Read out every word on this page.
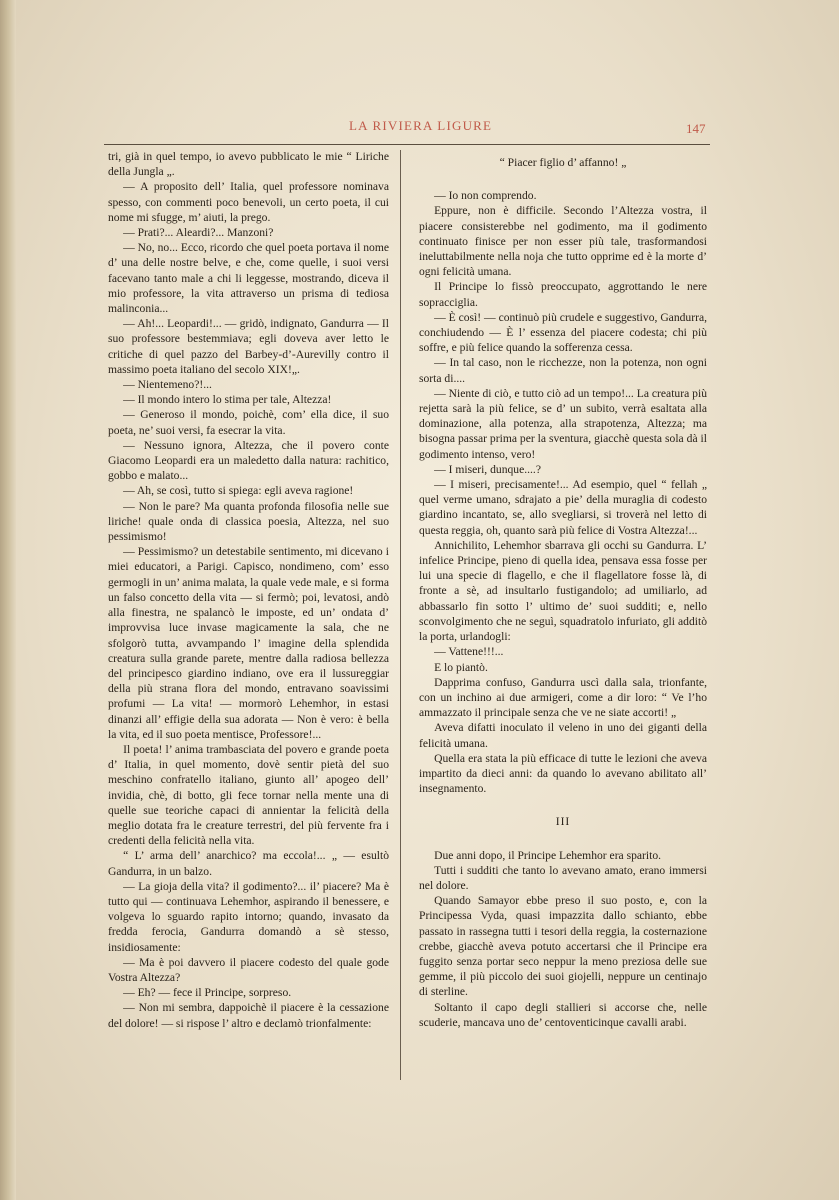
LA RIVIERA LIGURE	147

tri, già in quel tempo, io avevo pubblicato le mie “ Liriche della Jungla „.

— A proposito dell’ Italia, quel professore nominava spesso, con commenti poco benevoli, un certo poeta, il cui nome mi sfugge, m’ aiuti, la prego.

— Prati?... Aleardi?... Manzoni?

— No, no... Ecco, ricordo che quel poeta portava il nome d’ una delle nostre belve, e che, come quelle, i suoi versi facevano tanto male a chi li leggesse, mostrando, diceva il mio professore, la vita attraverso un prisma di tediosa malinconia...

— Ah!... Leopardi!... — gridò, indignato, Gandurra — Il suo professore bestemmiava; egli doveva aver letto le critiche di quel pazzo del Barbey-d’-Aurevilly contro il massimo poeta italiano del secolo XIX!„.

— Nientemeno?!...

— Il mondo intero lo stima per tale, Altezza!

— Generoso il mondo, poichè, com’ ella dice, il suo poeta, ne’ suoi versi, fa esecrar la vita.

— Nessuno ignora, Altezza, che il povero conte Giacomo Leopardi era un maledetto dalla natura: rachitico, gobbo e malato...

— Ah, se così, tutto si spiega: egli aveva ragione!

— Non le pare? Ma quanta profonda filosofia nelle sue liriche! quale onda di classica poesia, Altezza, nel suo pessimismo!

— Pessimismo? un detestabile sentimento, mi dicevano i miei educatori, a Parigi. Capisco, nondimeno, com’ esso germogli in un’ anima malata, la quale vede male, e si forma un falso concetto della vita — si fermò; poi, levatosi, andò alla finestra, ne spalancò le imposte, ed un’ ondata d’ improvvisa luce invase magicamente la sala, che ne sfolgorò tutta, avvampando l’ imagine della splendida creatura sulla grande parete, mentre dalla radiosa bellezza del principesco giardino indiano, ove era il lussureggiar della più strana flora del mondo, entravano soavissimi profumi — La vita! — mormorò Lehemhor, in estasi dinanzi all’ effigie della sua adorata — Non è vero: è bella la vita, ed il suo poeta mentisce, Professore!...

Il poeta! l’ anima trambasciata del povero e grande poeta d’ Italia, in quel momento, dovè sentir pietà del suo meschino confratello italiano, giunto all’ apogeo dell’ invidia, chè, di botto, gli fece tornar nella mente una di quelle sue teoriche capaci di annientar la felicità della meglio dotata fra le creature terrestri, del più fervente fra i credenti della felicità nella vita.

“ L’ arma dell’ anarchico? ma eccola!... „ — esultò Gandurra, in un balzo.

— La gioja della vita? il godimento?... il’ piacere? Ma è tutto qui — continuava Lehemhor, aspirando il benessere, e volgeva lo sguardo rapito intorno; quando, invasato da fredda ferocia, Gandurra domandò a sè stesso, insidiosamente:

— Ma è poi davvero il piacere codesto del quale gode Vostra Altezza?

— Eh? — fece il Principe, sorpreso.

— Non mi sembra, dappoichè il piacere è la cessazione del dolore! — si rispose l’ altro e declamò trionfalmente:

“ Piacer figlio d’ affanno! „

— Io non comprendo.

Eppure, non è difficile. Secondo l’Altezza vostra, il piacere consisterebbe nel godimento, ma il godimento continuato finisce per non esser più tale, trasformandosi ineluttabilmente nella noja che tutto opprime ed è la morte d’ ogni felicità umana.

Il Principe lo fissò preoccupato, aggrottando le nere sopracciglia.

— È così! — continuò più crudele e suggestivo, Gandurra, conchiudendo — È l’ essenza del piacere codesta; chi più soffre, e più felice quando la sofferenza cessa.

— In tal caso, non le ricchezze, non la potenza, non ogni sorta di....

— Niente di ciò, e tutto ciò ad un tempo!... La creatura più rejetta sarà la più felice, se d’ un subito, verrà esaltata alla dominazione, alla potenza, alla strapotenza, Altezza; ma bisogna passar prima per la sventura, giacchè questa sola dà il godimento intenso, vero!

— I miseri, dunque....?

— I miseri, precisamente!... Ad esempio, quel “ fellah „ quel verme umano, sdrajato a pie’ della muraglia di codesto giardino incantato, se, allo svegliarsi, si troverà nel letto di questa reggia, oh, quanto sarà più felice di Vostra Altezza!...

Annichilito, Lehemhor sbarrava gli occhi su Gandurra. L’ infelice Principe, pieno di quella idea, pensava essa fosse per lui una specie di flagello, e che il flagellatore fosse là, di fronte a sè, ad insultarlo fustigandolo; ad umiliarlo, ad abbassarlo fin sotto l’ ultimo de’ suoi sudditi; e, nello sconvolgimento che ne seguì, squadratolo infuriato, gli additò la porta, urlandogli:

— Vattene!!!...

E lo piantò.

Dapprima confuso, Gandurra uscì dalla sala, trionfante, con un inchino ai due armigeri, come a dir loro: “ Ve l’ho ammazzato il principale senza che ve ne siate accorti! „

Aveva difatti inoculato il veleno in uno dei giganti della felicità umana.

Quella era stata la più efficace di tutte le lezioni che aveva impartito da dieci anni: da quando lo avevano abilitato all’ insegnamento.

III

Due anni dopo, il Principe Lehemhor era sparito.

Tutti i sudditi che tanto lo avevano amato, erano immersi nel dolore.

Quando Samayor ebbe preso il suo posto, e, con la Principessa Vyda, quasi impazzita dallo schianto, ebbe passato in rassegna tutti i tesori della reggia, la costernazione crebbe, giacchè aveva potuto accertarsi che il Principe era fuggito senza portar seco neppur la meno preziosa delle sue gemme, il più piccolo dei suoi giojelli, neppure un centinajo di sterline.

Soltanto il capo degli stallieri si accorse che, nelle scuderie, mancava uno de’ centoventicinque cavalli arabi.
